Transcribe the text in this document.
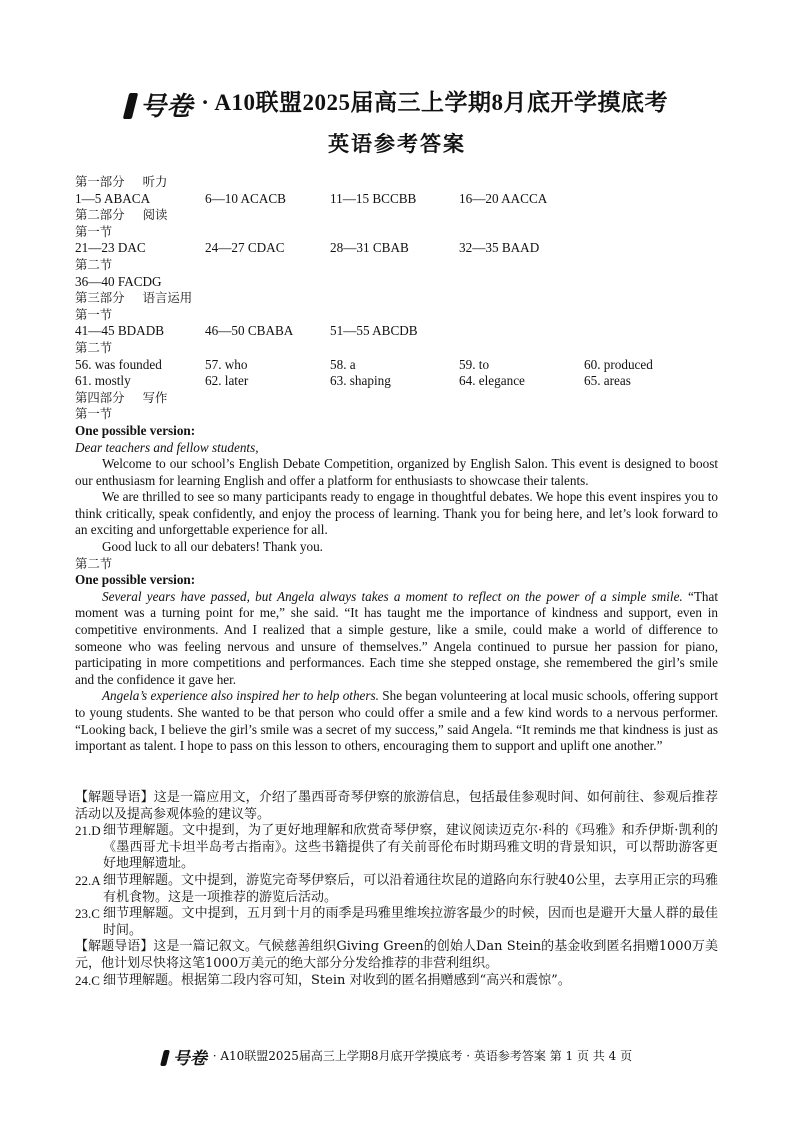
号卷 · A10联盟2025届高三上学期8月底开学摸底考
英语参考答案
第一部分 听力
1—5 ABACA	6—10 ACACB	11—15 BCCBB	16—20 AACCA
第二部分 阅读
第一节
21—23 DAC	24—27 CDAC	28—31 CBAB	32—35 BAAD
第二节
36—40 FACDG
第三部分 语言运用
第一节
41—45 BDADB	46—50 CBABA	51—55 ABCDB
第二节
56. was founded	57. who	58. a	59. to	60. produced
61. mostly	62. later	63. shaping	64. elegance	65. areas
第四部分 写作
第一节
One possible version:
Dear teachers and fellow students,
Welcome to our school’s English Debate Competition, organized by English Salon. This event is designed to boost our enthusiasm for learning English and offer a platform for enthusiasts to showcase their talents.
We are thrilled to see so many participants ready to engage in thoughtful debates. We hope this event inspires you to think critically, speak confidently, and enjoy the process of learning. Thank you for being here, and let’s look forward to an exciting and unforgettable experience for all.
Good luck to all our debaters! Thank you.
第二节
One possible version:
Several years have passed, but Angela always takes a moment to reflect on the power of a simple smile. “That moment was a turning point for me,” she said. “It has taught me the importance of kindness and support, even in competitive environments. And I realized that a simple gesture, like a smile, could make a world of difference to someone who was feeling nervous and unsure of themselves.” Angela continued to pursue her passion for piano, participating in more competitions and performances. Each time she stepped onstage, she remembered the girl’s smile and the confidence it gave her.
Angela’s experience also inspired her to help others. She began volunteering at local music schools, offering support to young students. She wanted to be that person who could offer a smile and a few kind words to a nervous performer. “Looking back, I believe the girl’s smile was a secret of my success,” said Angela. “It reminds me that kindness is just as important as talent. I hope to pass on this lesson to others, encouraging them to support and uplift one another.”
【解题导语】这是一篇应用文，介绍了墨西哥奇琴伊察的旅游信息，包括最佳参观时间、如何前往、参观后推荐活动以及提高参观体验的建议等。
21.D 细节理解题。文中提到，为了更好地理解和欣赏奇琴伊察，建议阅读迈克尔·科的《玛雅》和乔伊斯·凯利的《墨西哥尤卡坦半岛考古指南》。这些书籍提供了有关前哥伦布时期玛雅文明的背景知识，可以帮助游客更好地理解遗址。
22.A 细节理解题。文中提到，游览完奇琴伊察后，可以沿着通往坎昆的道路向东行驶40公里，去享用正宗的玛雅有机食物。这是一项推荐的游览后活动。
23.C 细节理解题。文中提到，五月到十月的雨季是玛雅里维埃拉游客最少的时候，因而也是避开大量人群的最佳时间。
【解题导语】这是一篇记叙文。气候慈善组织Giving Green的创始人Dan Stein的基金收到匿名捐赠1000万美元，他计划尽快将这笔1000万美元的绝大部分分发给推荐的非营利组织。
24.C 细节理解题。根据第二段内容可知，Stein 对收到的匿名捐赠感到“高兴和震惊”。
号卷 · A10联盟2025届高三上学期8月底开学摸底考 · 英语参考答案 第 1 页 共 4 页
